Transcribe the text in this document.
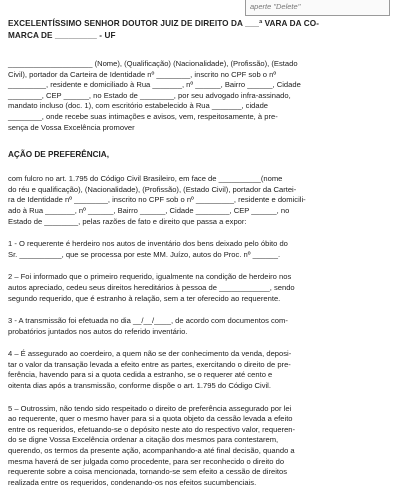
aperte "Delete"
EXCELENTÍSSIMO SENHOR DOUTOR JUIZ DE DIREITO DA ___ª VARA DA CO-
MARCA DE _________ - UF
____________________ (Nome), (Qualificação) (Nacionalidade), (Profissão), (Estado
Civil), portador da Carteira de Identidade nº ________, inscrito no CPF sob o nº
_________, residente e domiciliado à Rua _______, nº ______, Bairro ______, Cidade
________, CEP ______, no Estado de ________, por seu advogado infra-assinado,
mandato incluso (doc. 1), com escritório estabelecido à Rua _______, cidade
________, onde recebe suas intimações e avisos, vem, respeitosamente, à pre-
sença de Vossa Excelência promover
AÇÃO DE PREFERÊNCIA,
com fulcro no art. 1.795 do Código Civil Brasileiro, em face de __________(nome
do réu e qualificação), (Nacionalidade), (Profissão), (Estado Civil), portador da Cartei-
ra de Identidade nº ________, inscrito no CPF sob o nº _________, residente e domicili-
ado à Rua _______, nº ______, Bairro ______, Cidade ________, CEP ______, no
Estado de ________, pelas razões de fato e direito que passa a expor:
1 - O requerente é herdeiro nos autos de inventário dos bens deixado pelo óbito do
Sr. __________, que se processa por este MM. Juízo, autos do Proc. nº ______.
2 – Foi informado que o primeiro requerido, igualmente na condição de herdeiro nos
autos apreciado, cedeu seus direitos hereditários à pessoa de ____________, sendo
segundo requerido, que é estranho à relação, sem a ter oferecido ao requerente.
3 - A transmissão foi efetuada no dia __/__/____, de acordo com documentos com-
probatórios juntados nos autos do referido inventário.
4 – É assegurado ao coerdeiro, a quem não se der conhecimento da venda, deposi-
tar o valor da transação levada a efeito entre as partes, exercitando o direito de pre-
ferência, havendo para si a quota cedida a estranho, se o requerer até cento e
oitenta dias após a transmissão, conforme dispõe o art. 1.795 do Código Civil.
5 – Outrossim, não tendo sido respeitado o direito de preferência assegurado por lei
ao requerente, quer o mesmo haver para si a quota objeto da cessão levada a efeito
entre os requeridos, efetuando-se o depósito neste ato do respectivo valor, requeren-
do se digne Vossa Excelência ordenar a citação dos mesmos para contestarem,
querendo, os termos da presente ação, acompanhando-a até final decisão, quando a
mesma haverá de ser julgada como procedente, para ser reconhecido o direito do
requerente sobre a coisa mencionada, tornando-se sem efeito a cessão de direitos
realizada entre os requeridos, condenando-os nos efeitos sucumbenciais.
